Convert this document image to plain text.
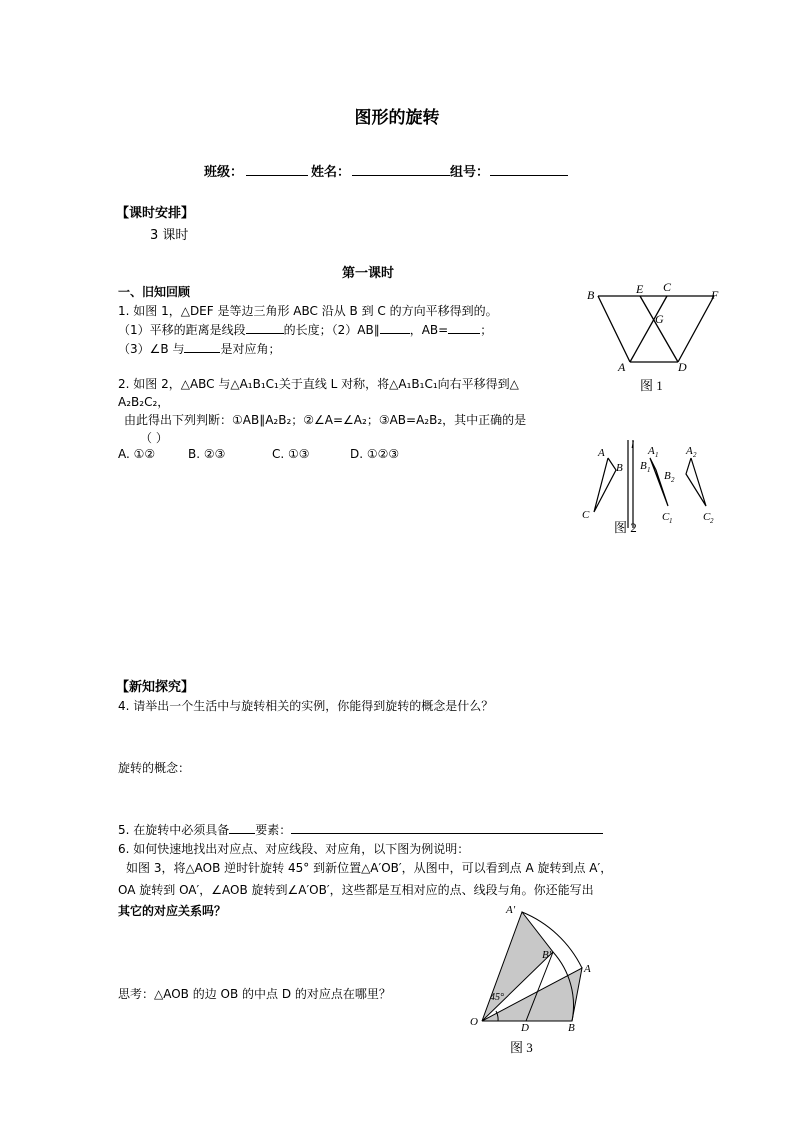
图形的旋转
班级：	姓名：	组号：
【课时安排】
3 课时
第一课时
一、旧知回顾
1. 如图 1，△DEF 是等边三角形 ABC 沿从 B 到 C 的方向平移得到的。
（1）平移的距离是线段	的长度；（2）AB∥	，AB=	；
（3）∠B 与	是对应角；
2. 如图 2，△ABC 与△A₁B₁C₁关于直线 L 对称，将△A₁B₁C₁向右平移得到△
A₂B₂C₂，
由此得出下列判断：①AB∥A₂B₂；②∠A=∠A₂；③AB=A₂B₂，其中正确的是
（ ）
A. ①②	B. ②③	C. ①③	D. ①②③
B	E C
F
G
A	D
图 1
A
B
C
l A 1
B 1
C 1
A 2
B 2
C 2
图 2
【新知探究】
4. 请举出一个生活中与旋转相关的实例，你能得到旋转的概念是什么？
旋转的概念：
5. 在旋转中必须具备 要素：
6. 如何快速地找出对应点、对应线段、对应角，以下图为例说明：
如图 3，将△AOB 逆时针旋转 45° 到新位置△A′OB′，从图中，可以看到点 A 旋转到点 A′，
OA 旋转到 OA′，∠AOB 旋转到∠A′OB′，这些都是互相对应的点、线段与角。你还能写出
其它的对应关系吗？
思考：△AOB 的边 OB 的中点 D 的对应点在哪里？
A′
B′
A
O	D	B
45°
图 3
